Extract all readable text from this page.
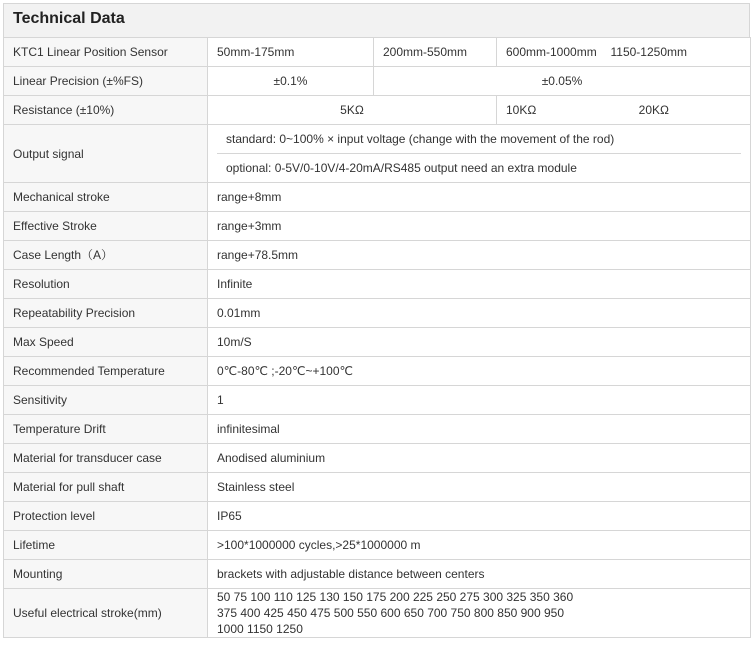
Technical Data
KTC1 Linear Position Sensor	50mm-175mm	200mm-550mm	600mm-1000mm 1150-1250mm

Linear Precision (±%FS)	±0.1%	±0.05%	
Resistance (±10%)	5KΩ		10KΩ 20KΩ

Output signal	standard: 0~100% × input voltage (change with the movement of the rod)
optional: 0-5V/0-10V/4-20mA/RS485 output need an extra module		

Mechanical stroke	range+8mm		
Effective Stroke	range+3mm		
Case Length（A）	range+78.5mm		
Resolution	Infinite		
Repeatability Precision	0.01mm		
Max Speed	10m/S		
Recommended Temperature	0℃-80℃ ;-20℃~+100℃		
Sensitivity	1		
Temperature Drift	infinitesimal		
Material for transducer case	Anodised aluminium		
Material for pull shaft	Stainless steel		
Protection level	IP65		
Lifetime	>100*1000000 cycles,>25*1000000 m		
Mounting	brackets with adjustable distance between centers		
Useful electrical stroke(mm)	50 75 100 110 125 130 150 175 200 225 250 275 300 325 350 360
375 400 425 450 475 500 550 600 650 700 750 800 850 900 950
1000 1150 1250		
